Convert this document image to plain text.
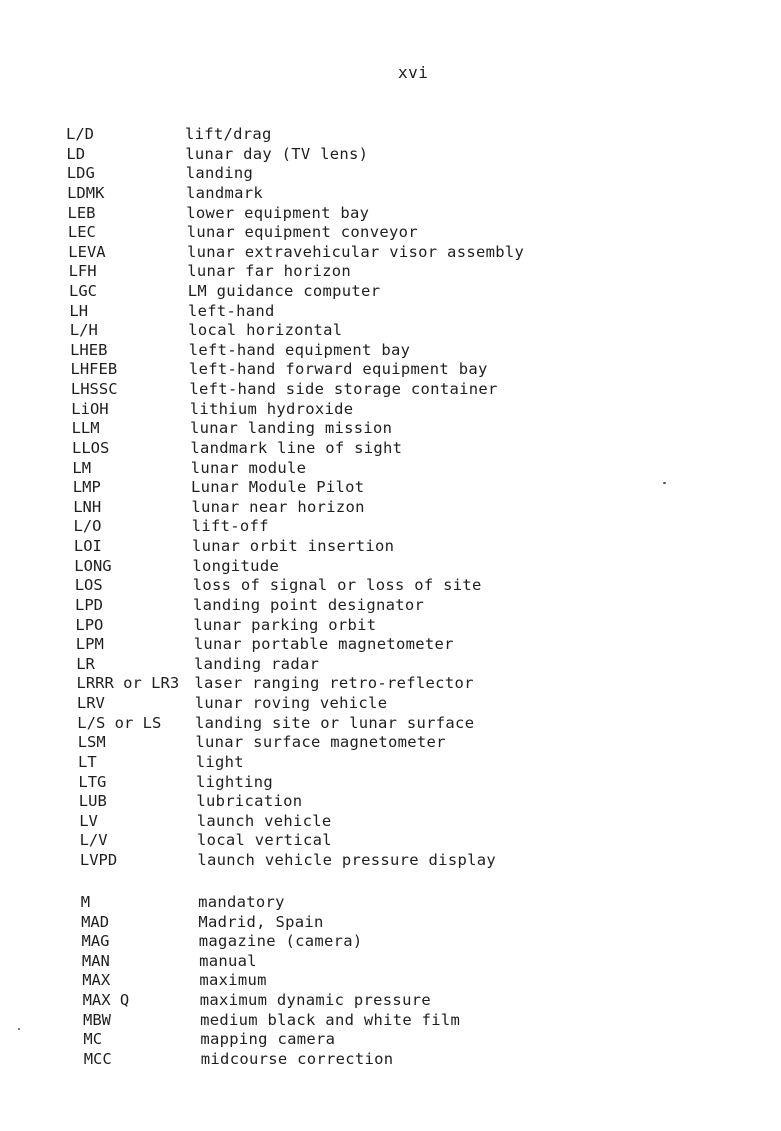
xvi
L/D	lift/drag
LD	lunar day (TV lens)
LDG	landing
LDMK	landmark
LEB	lower equipment bay
LEC	lunar equipment conveyor
LEVA	lunar extravehicular visor assembly
LFH	lunar far horizon
LGC	LM guidance computer
LH	left-hand
L/H	local horizontal
LHEB	left-hand equipment bay
LHFEB	left-hand forward equipment bay
LHSSC	left-hand side storage container
LiOH	lithium hydroxide
LLM	lunar landing mission
LLOS	landmark line of sight
LM	lunar module
LMP	Lunar Module Pilot
LNH	lunar near horizon
L/O	lift-off
LOI	lunar orbit insertion
LONG	longitude
LOS	loss of signal or loss of site
LPD	landing point designator
LPO	lunar parking orbit
LPM	lunar portable magnetometer
LR	landing radar
LRRR or LR3 laser ranging retro-reflector
LRV	lunar roving vehicle
L/S or LS landing site or lunar surface
LSM	lunar surface magnetometer
LT	light
LTG	lighting
LUB	lubrication
LV	launch vehicle
L/V	local vertical
LVPD	launch vehicle pressure display
M	mandatory
MAD	Madrid, Spain
MAG	magazine (camera)
MAN	manual
MAX	maximum
MAX Q	maximum dynamic pressure
MBW	medium black and white film
MC	mapping camera
MCC	midcourse correction
